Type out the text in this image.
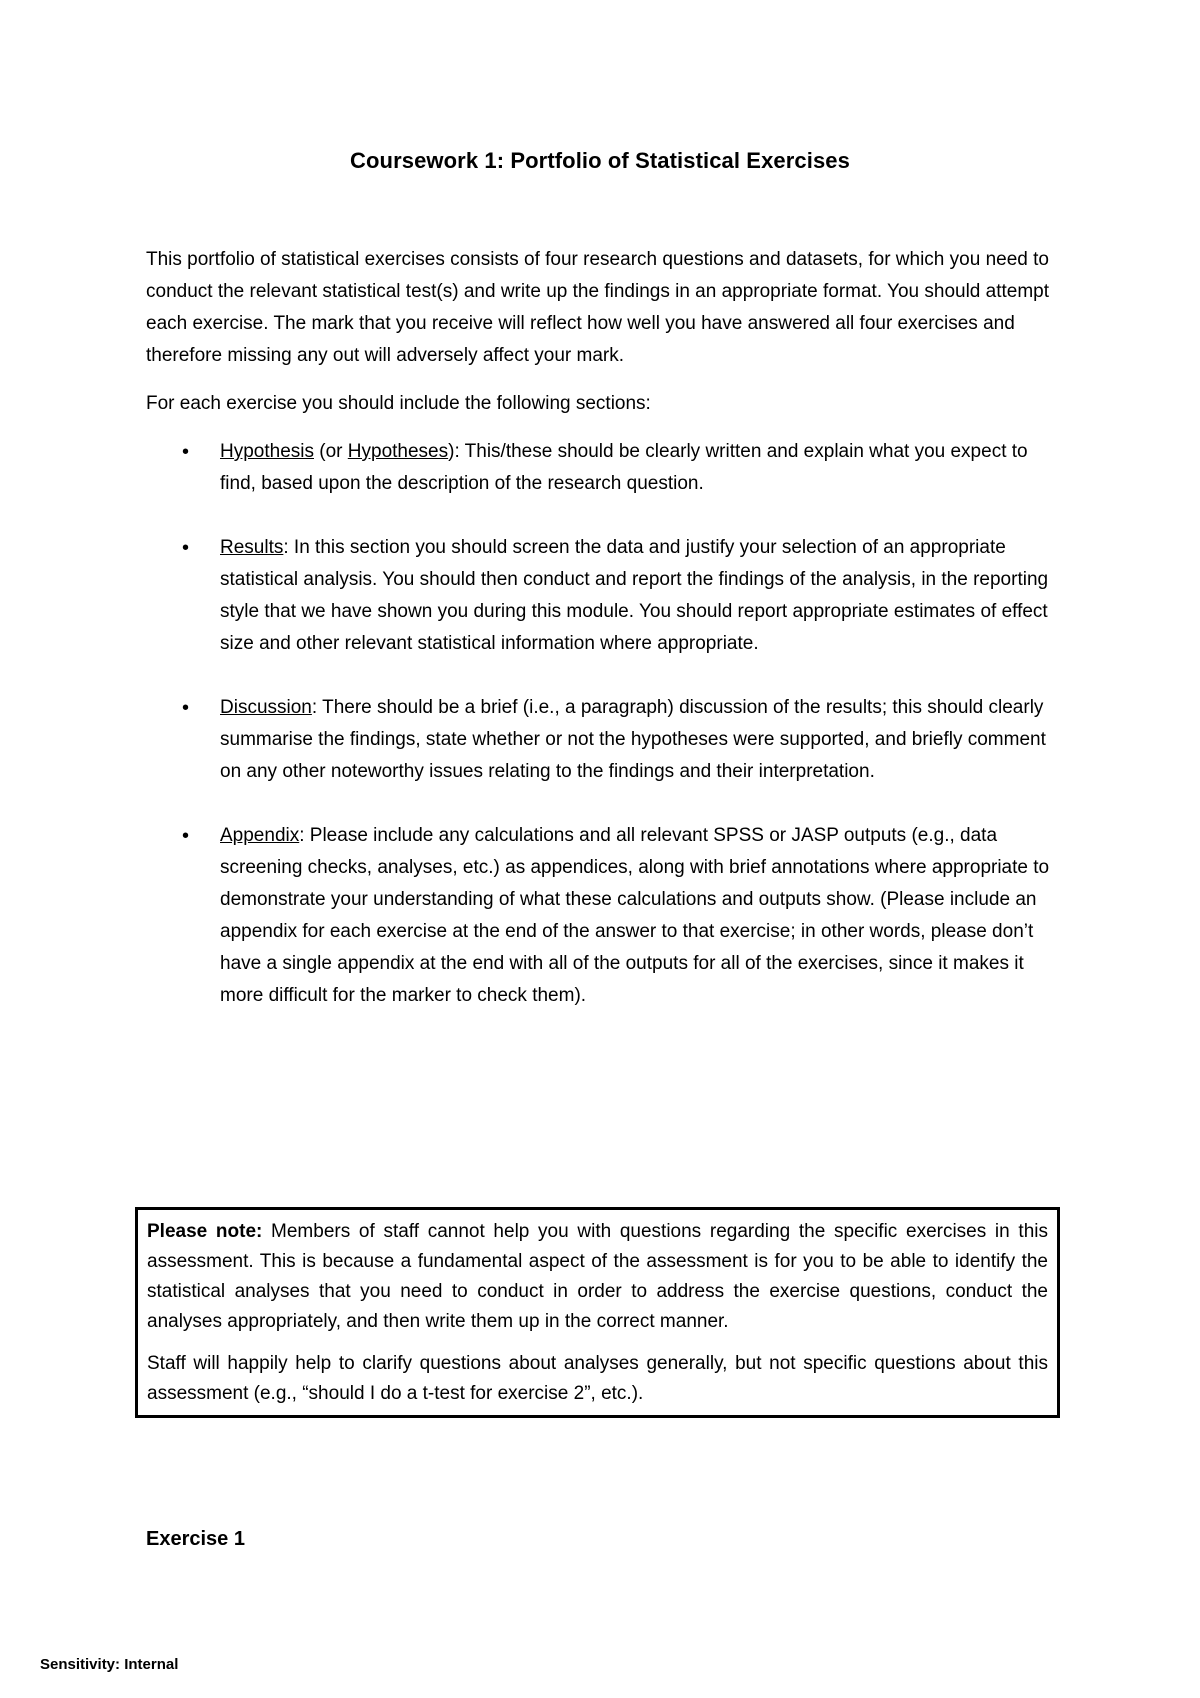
Coursework 1: Portfolio of Statistical Exercises

This portfolio of statistical exercises consists of four research questions and datasets, for which you need to conduct the relevant statistical test(s) and write up the findings in an appropriate format. You should attempt each exercise. The mark that you receive will reflect how well you have answered all four exercises and therefore missing any out will adversely affect your mark.

For each exercise you should include the following sections:

• Hypothesis (or Hypotheses): This/these should be clearly written and explain what you expect to find, based upon the description of the research question.
• Results: In this section you should screen the data and justify your selection of an appropriate statistical analysis. You should then conduct and report the findings of the analysis, in the reporting style that we have shown you during this module. You should report appropriate estimates of effect size and other relevant statistical information where appropriate.
• Discussion: There should be a brief (i.e., a paragraph) discussion of the results; this should clearly summarise the findings, state whether or not the hypotheses were supported, and briefly comment on any other noteworthy issues relating to the findings and their interpretation.
• Appendix: Please include any calculations and all relevant SPSS or JASP outputs (e.g., data screening checks, analyses, etc.) as appendices, along with brief annotations where appropriate to demonstrate your understanding of what these calculations and outputs show. (Please include an appendix for each exercise at the end of the answer to that exercise; in other words, please don’t have a single appendix at the end with all of the outputs for all of the exercises, since it makes it more difficult for the marker to check them).

Please note: Members of staff cannot help you with questions regarding the specific exercises in this assessment. This is because a fundamental aspect of the assessment is for you to be able to identify the statistical analyses that you need to conduct in order to address the exercise questions, conduct the analyses appropriately, and then write them up in the correct manner.

Staff will happily help to clarify questions about analyses generally, but not specific questions about this assessment (e.g., “should I do a t-test for exercise 2”, etc.).

Exercise 1
Sensitivity: Internal
